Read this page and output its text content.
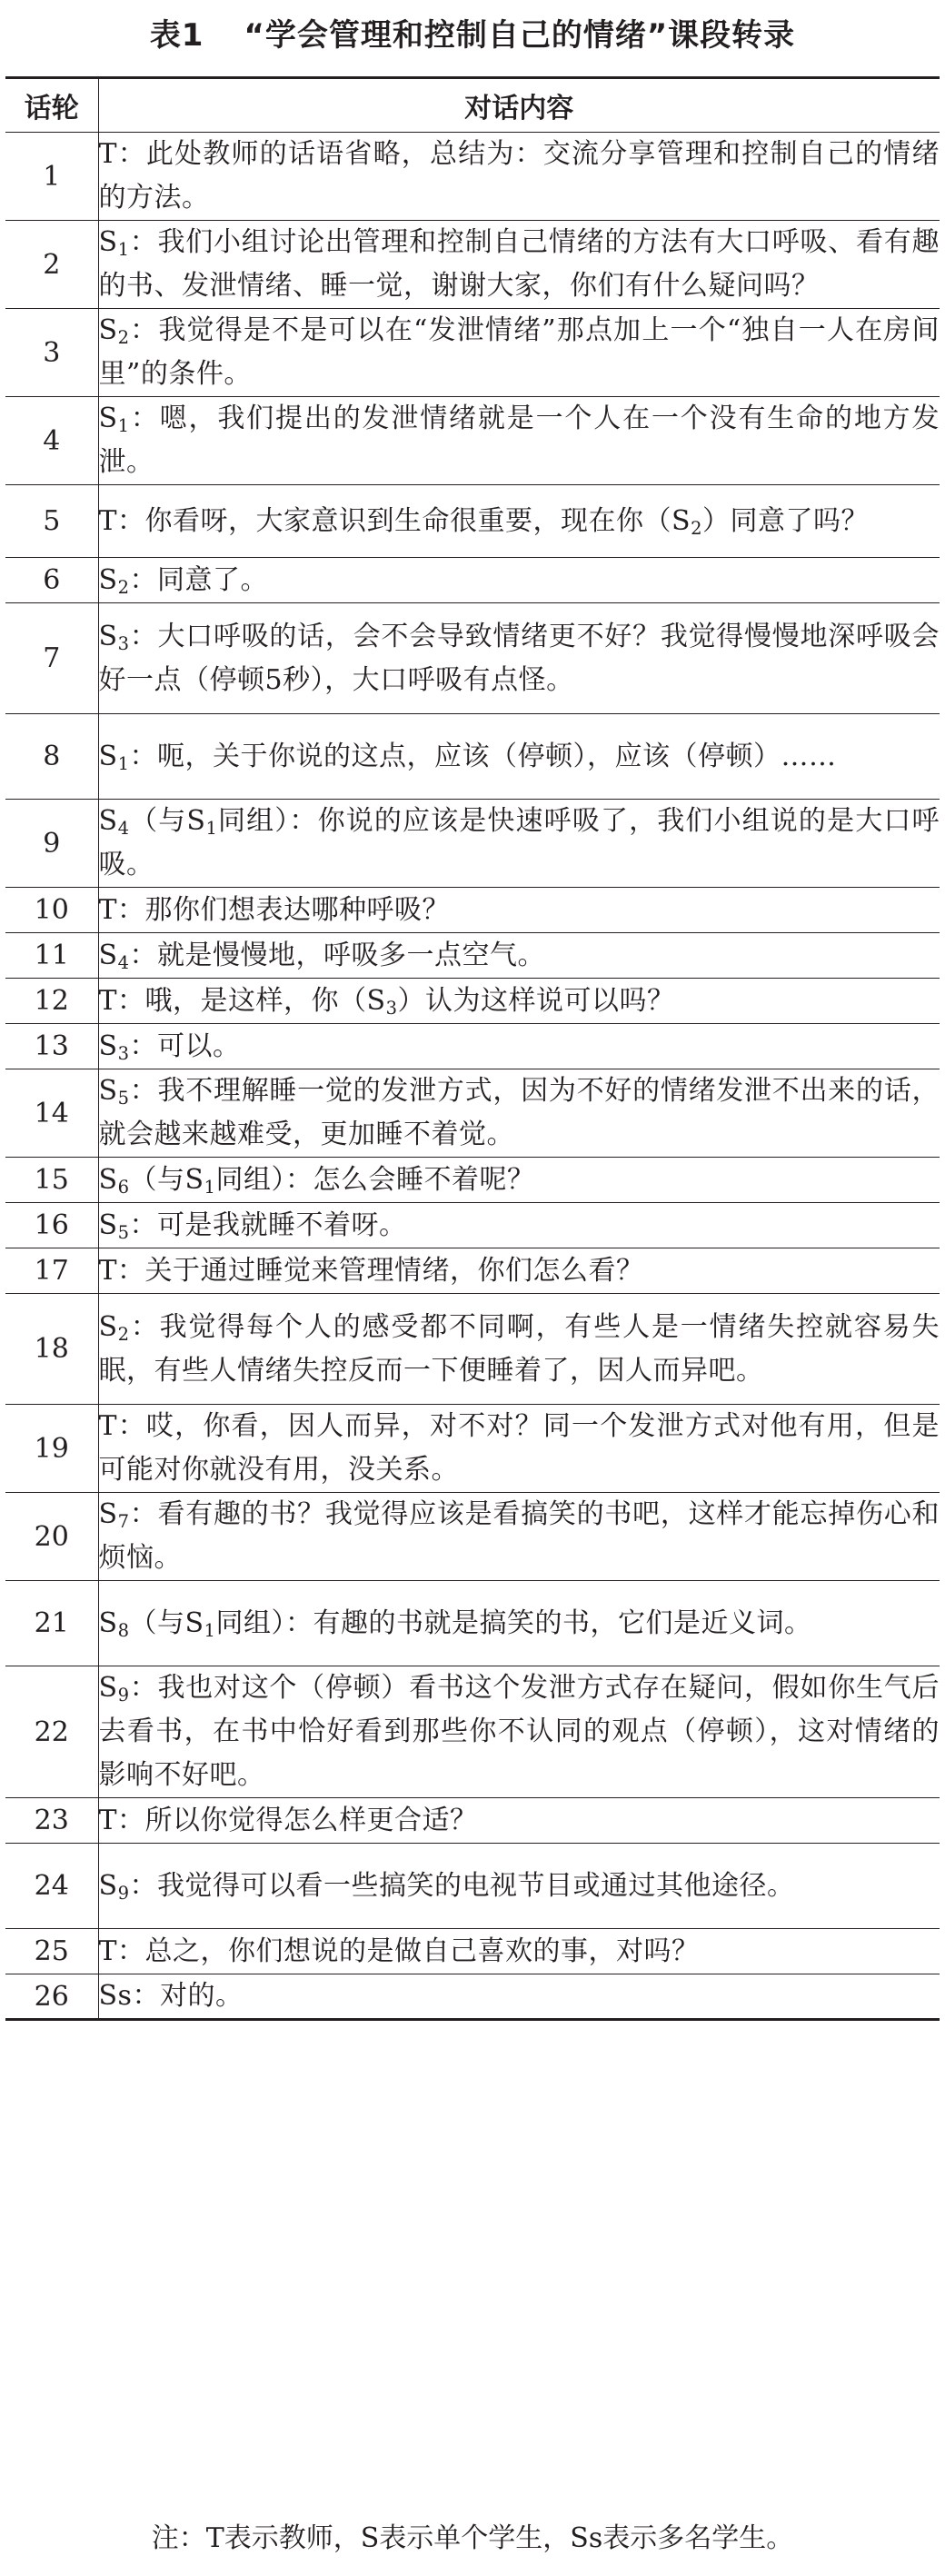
表1 “学会管理和控制自己的情绪”课段转录
话轮	对话内容
1	T：此处教师的话语省略，总结为：交流分享管理和控制自己的情绪的方法。
2	$S_1$：我们小组讨论出管理和控制自己情绪的方法有大口呼吸、看有趣的书、发泄情绪、睡一觉，谢谢大家，你们有什么疑问吗？
3	$S_2$：我觉得是不是可以在“发泄情绪”那点加上一个“独自一人在房间里”的条件。
4	$S_1$：嗯，我们提出的发泄情绪就是一个人在一个没有生命的地方发泄。
5	T：你看呀，大家意识到生命很重要，现在你$(S_2)$同意了吗？
6	$S_2$：同意了。
7	$S_3$：大口呼吸的话，会不会导致情绪更不好？我觉得慢慢地深呼吸会好一点（停顿5秒），大口呼吸有点怪。
8	$S_1$：呃，关于你说的这点，应该（停顿），应该（停顿）……
9	$S_4$（与$S_1$同组）：你说的应该是快速呼吸了，我们小组说的是大口呼吸。
10	T：那你们想表达哪种呼吸？
11	$S_4$：就是慢慢地，呼吸多一点空气。
12	T：哦，是这样，你$(S_3)$认为这样说可以吗？
13	$S_3$：可以。
14	$S_5$：我不理解睡一觉的发泄方式，因为不好的情绪发泄不出来的话，就会越来越难受，更加睡不着觉。
15	$S_6$（与$S_1$同组）：怎么会睡不着呢？
16	$S_5$：可是我就睡不着呀。
17	T：关于通过睡觉来管理情绪，你们怎么看？
18	$S_2$：我觉得每个人的感受都不同啊，有些人是一情绪失控就容易失眠，有些人情绪失控反而一下便睡着了，因人而异吧。
19	T：哎，你看，因人而异，对不对？同一个发泄方式对他有用，但是可能对你就没有用，没关系。
20	$S_7$：看有趣的书？我觉得应该是看搞笑的书吧，这样才能忘掉伤心和烦恼。
21	$S_8$（与$S_1$同组）：有趣的书就是搞笑的书，它们是近义词。
22	$S_9$：我也对这个（停顿）看书这个发泄方式存在疑问，假如你生气后去看书，在书中恰好看到那些你不认同的观点（停顿），这对情绪的影响不好吧。
23	T：所以你觉得怎么样更合适？
24	$S_9$：我觉得可以看一些搞笑的电视节目或通过其他途径。
25	T：总之，你们想说的是做自己喜欢的事，对吗？
26	Ss：对的。
注：T表示教师，S表示单个学生，Ss表示多名学生。
